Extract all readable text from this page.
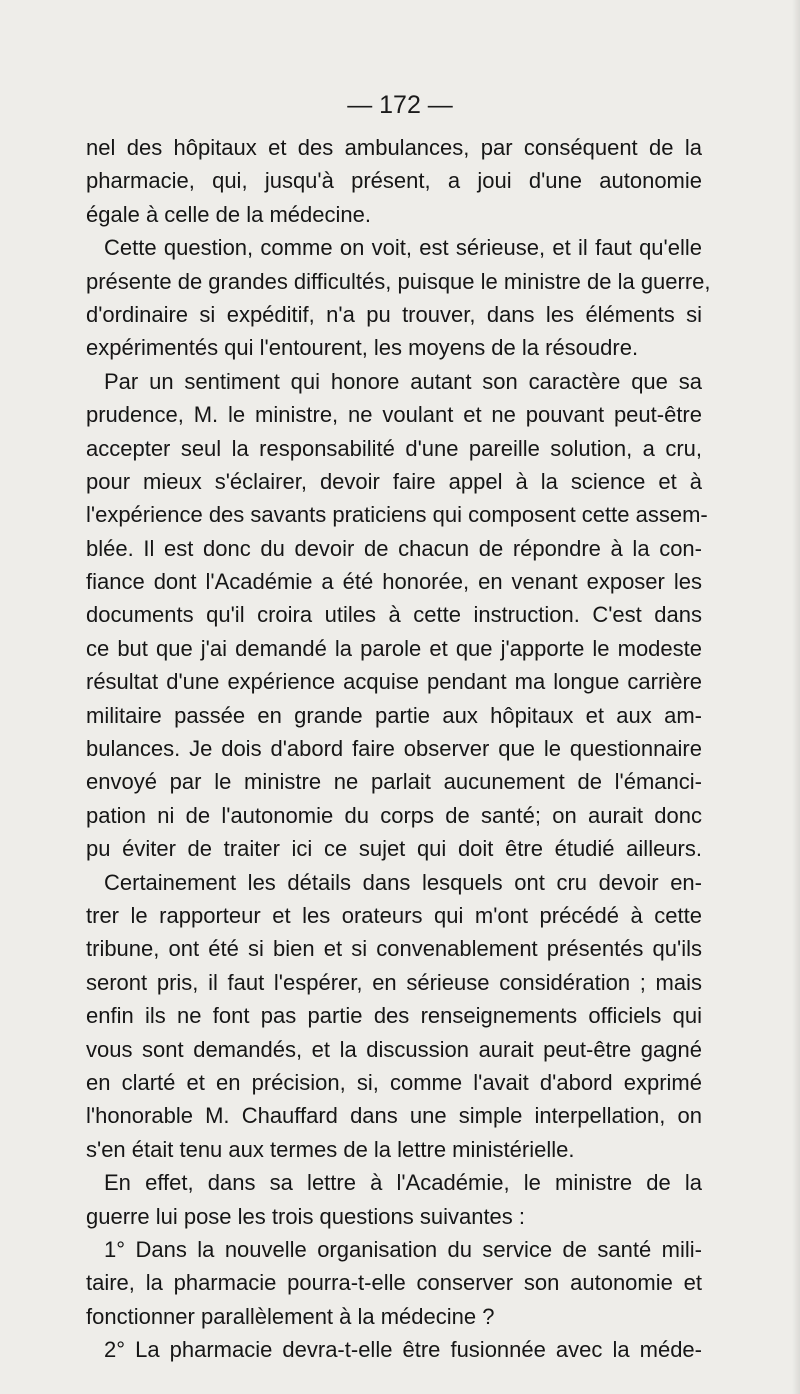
— 172 —
nel des hôpitaux et des ambulances, par conséquent de la
pharmacie, qui, jusqu'à présent, a joui d'une autonomie
égale à celle de la médecine.
Cette question, comme on voit, est sérieuse, et il faut qu'elle
présente de grandes difficultés, puisque le ministre de la guerre,
d'ordinaire si expéditif, n'a pu trouver, dans les éléments si
expérimentés qui l'entourent, les moyens de la résoudre.
Par un sentiment qui honore autant son caractère que sa
prudence, M. le ministre, ne voulant et ne pouvant peut-être
accepter seul la responsabilité d'une pareille solution, a cru,
pour mieux s'éclairer, devoir faire appel à la science et à
l'expérience des savants praticiens qui composent cette assem-
blée. Il est donc du devoir de chacun de répondre à la con-
fiance dont l'Académie a été honorée, en venant exposer les
documents qu'il croira utiles à cette instruction. C'est dans
ce but que j'ai demandé la parole et que j'apporte le modeste
résultat d'une expérience acquise pendant ma longue carrière
militaire passée en grande partie aux hôpitaux et aux am-
bulances. Je dois d'abord faire observer que le questionnaire
envoyé par le ministre ne parlait aucunement de l'émanci-
pation ni de l'autonomie du corps de santé; on aurait donc
pu éviter de traiter ici ce sujet qui doit être étudié ailleurs.
Certainement les détails dans lesquels ont cru devoir en-
trer le rapporteur et les orateurs qui m'ont précédé à cette
tribune, ont été si bien et si convenablement présentés qu'ils
seront pris, il faut l'espérer, en sérieuse considération ; mais
enfin ils ne font pas partie des renseignements officiels qui
vous sont demandés, et la discussion aurait peut-être gagné
en clarté et en précision, si, comme l'avait d'abord exprimé
l'honorable M. Chauffard dans une simple interpellation, on
s'en était tenu aux termes de la lettre ministérielle.
En effet, dans sa lettre à l'Académie, le ministre de la
guerre lui pose les trois questions suivantes :
1° Dans la nouvelle organisation du service de santé mili-
taire, la pharmacie pourra-t-elle conserver son autonomie et
fonctionner parallèlement à la médecine ?
2° La pharmacie devra-t-elle être fusionnée avec la méde-
